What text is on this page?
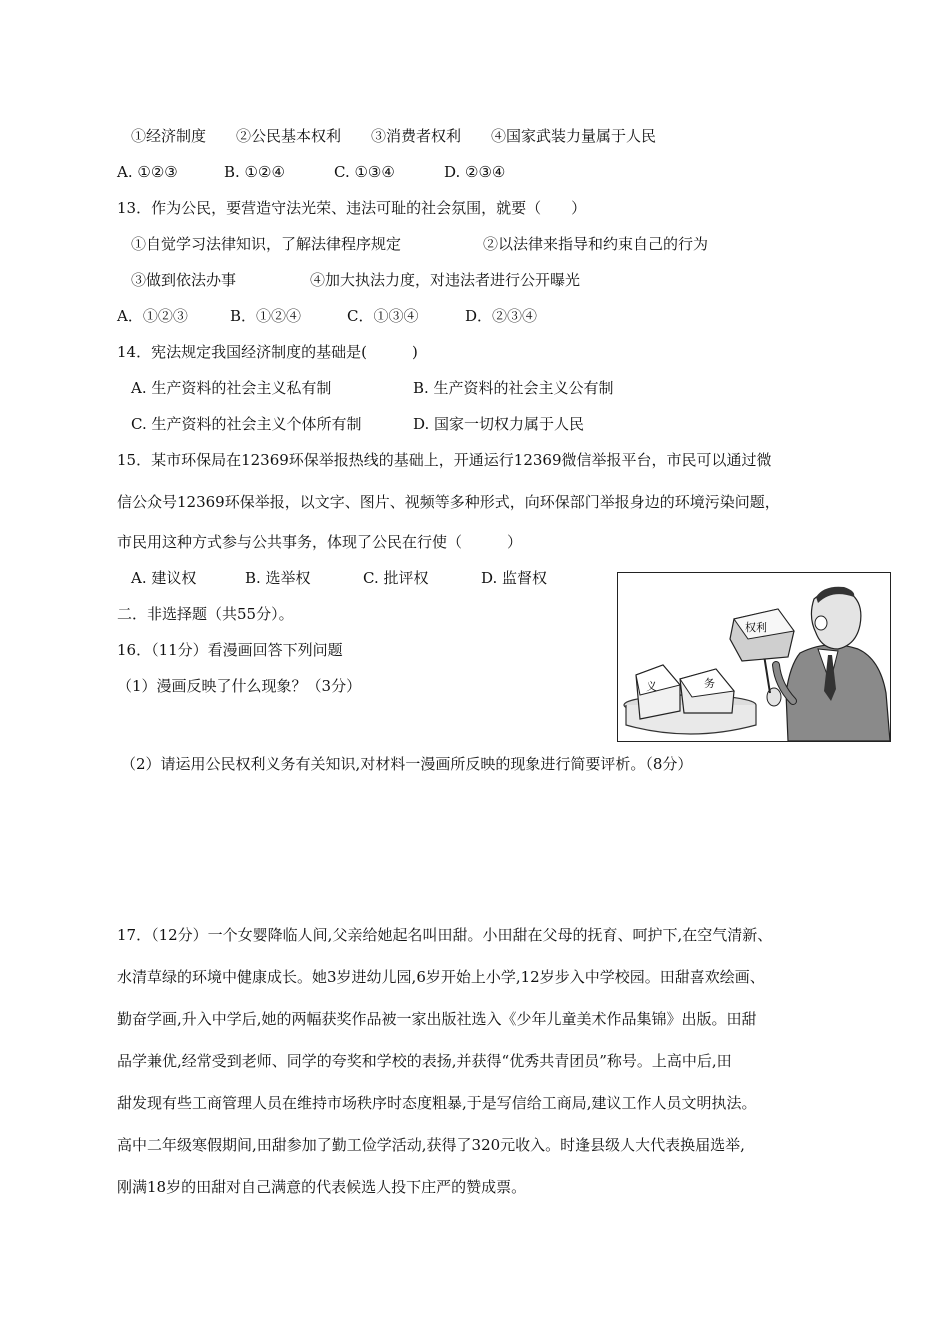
①经济制度　　②公民基本权利　　③消费者权利　　④国家武装力量属于人民
A. ①②③	B. ①②④	C. ①③④	D. ②③④
13．作为公民，要营造守法光荣、违法可耻的社会氛围，就要（　　）
①自觉学习法律知识，了解法律程序规定	②以法律来指导和约束自己的行为
③做到依法办事	④加大执法力度，对违法者进行公开曝光
A．①②③	B．①②④	C．①③④	D．②③④
14．宪法规定我国经济制度的基础是(　　　)
A. 生产资料的社会主义私有制	B. 生产资料的社会主义公有制
C. 生产资料的社会主义个体所有制	D. 国家一切权力属于人民
15．某市环保局在12369环保举报热线的基础上，开通运行12369微信举报平台，市民可以通过微
信公众号12369环保举报，以文字、图片、视频等多种形式，向环保部门举报身边的环境污染问题，
市民用这种方式参与公共事务，体现了公民在行使（　　　）
A. 建议权	B. 选举权	C. 批评权	D. 监督权
二．非选择题（共55分）。
16．（11分）看漫画回答下列问题
（1）漫画反映了什么现象？（3分）	义	务
权利
（2）请运用公民权利义务有关知识,对材料一漫画所反映的现象进行简要评析。（8分）
17．（12分）一个女婴降临人间,父亲给她起名叫田甜。小田甜在父母的抚育、呵护下,在空气清新、
水清草绿的环境中健康成长。她3岁进幼儿园,6岁开始上小学,12岁步入中学校园。田甜喜欢绘画、
勤奋学画,升入中学后,她的两幅获奖作品被一家出版社选入《少年儿童美术作品集锦》出版。田甜
品学兼优,经常受到老师、同学的夸奖和学校的表扬,并获得“优秀共青团员”称号。上高中后,田
甜发现有些工商管理人员在维持市场秩序时态度粗暴,于是写信给工商局,建议工作人员文明执法。
高中二年级寒假期间,田甜参加了勤工俭学活动,获得了320元收入。时逢县级人大代表换届选举,
刚满18岁的田甜对自己满意的代表候选人投下庄严的赞成票。
